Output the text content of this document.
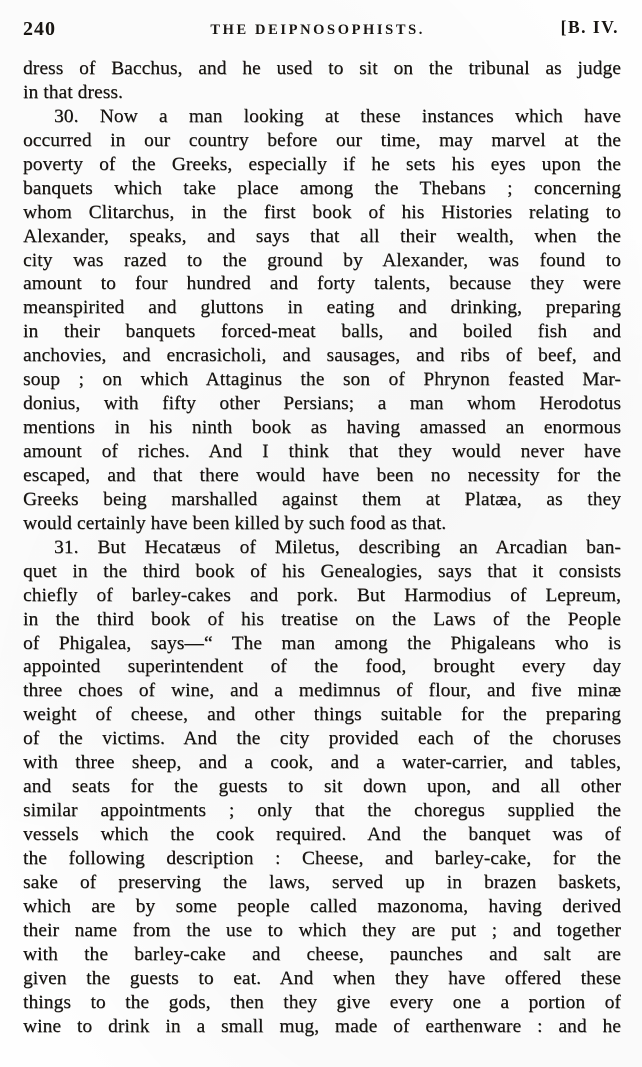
240	THE DEIPNOSOPHISTS.	[B. IV.
dress of Bacchus, and he used to sit on the tribunal as judge
in that dress.
30. Now a man looking at these instances which have
occurred in our country before our time, may marvel at the
poverty of the Greeks, especially if he sets his eyes upon the
banquets which take place among the Thebans ; concerning
whom Clitarchus, in the first book of his Histories relating to
Alexander, speaks, and says that all their wealth, when the
city was razed to the ground by Alexander, was found to
amount to four hundred and forty talents, because they were
meanspirited and gluttons in eating and drinking, preparing
in their banquets forced-meat balls, and boiled fish and
anchovies, and encrasicholi, and sausages, and ribs of beef, and
soup ; on which Attaginus the son of Phrynon feasted Mar-
donius, with fifty other Persians; a man whom Herodotus
mentions in his ninth book as having amassed an enormous
amount of riches. And I think that they would never have
escaped, and that there would have been no necessity for the
Greeks being marshalled against them at Platæa, as they
would certainly have been killed by such food as that.
31. But Hecatæus of Miletus, describing an Arcadian ban-
quet in the third book of his Genealogies, says that it consists
chiefly of barley-cakes and pork. But Harmodius of Lepreum,
in the third book of his treatise on the Laws of the People
of Phigalea, says—“ The man among the Phigaleans who is
appointed superintendent of the food, brought every day
three choes of wine, and a medimnus of flour, and five minæ
weight of cheese, and other things suitable for the preparing
of the victims. And the city provided each of the choruses
with three sheep, and a cook, and a water-carrier, and tables,
and seats for the guests to sit down upon, and all other
similar appointments ; only that the choregus supplied the
vessels which the cook required. And the banquet was of
the following description : Cheese, and barley-cake, for the
sake of preserving the laws, served up in brazen baskets,
which are by some people called mazonoma, having derived
their name from the use to which they are put ; and together
with the barley-cake and cheese, paunches and salt are
given the guests to eat. And when they have offered these
things to the gods, then they give every one a portion of
wine to drink in a small mug, made of earthenware : and he
